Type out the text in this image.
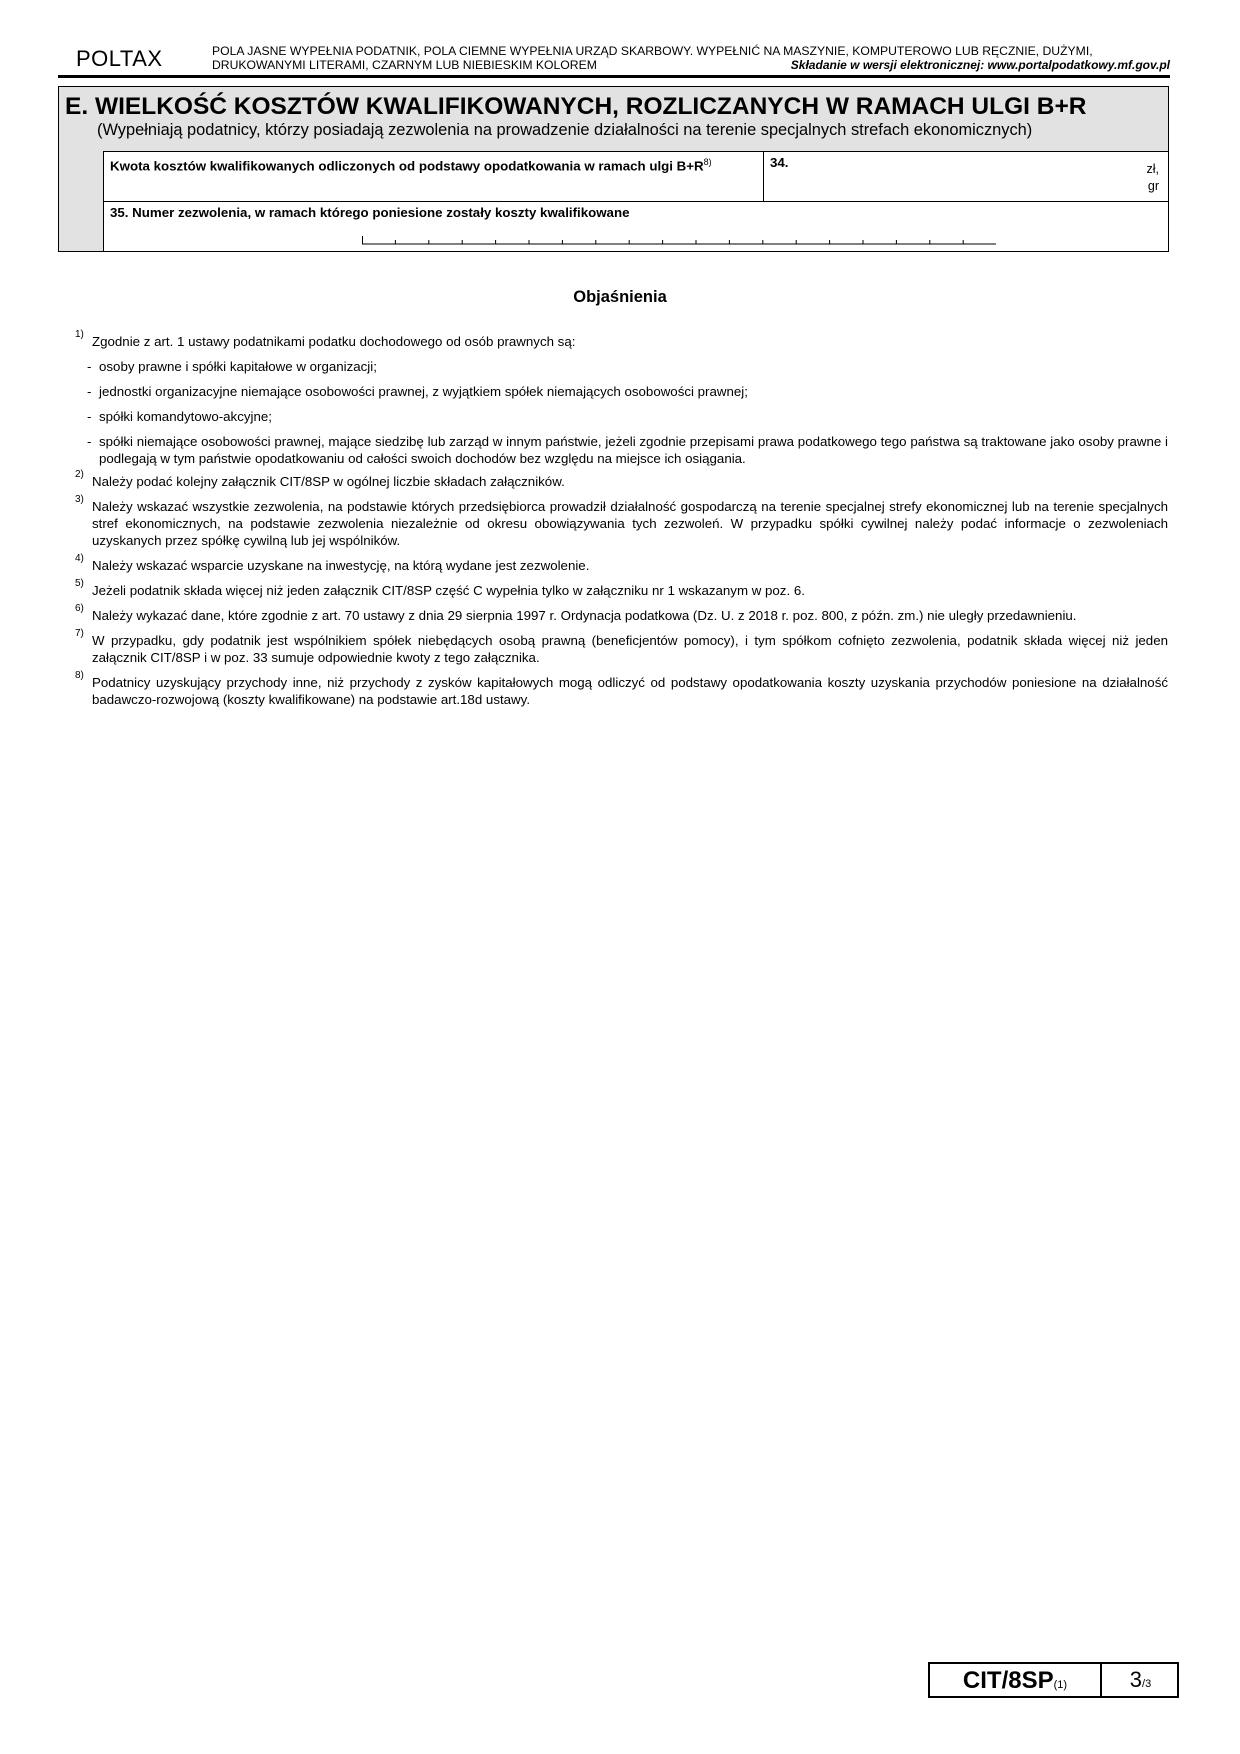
POLTAX	POLA JASNE WYPEŁNIA PODATNIK, POLA CIEMNE WYPEŁNIA URZĄD SKARBOWY. WYPEŁNIĆ NA MASZYNIE, KOMPUTEROWO LUB RĘCZNIE, DUŻYMI,
DRUKOWANYMI LITERAMI, CZARNYM LUB NIEBIESKIM KOLOREM	Składanie w wersji elektronicznej: www.portalpodatkowy.mf.gov.pl
E. WIELKOŚĆ KOSZTÓW KWALIFIKOWANYCH, ROZLICZANYCH W RAMACH ULGI B+R
(Wypełniają podatnicy, którzy posiadają zezwolenia na prowadzenie działalności na terenie specjalnych strefach ekonomicznych)
Kwota kosztów kwalifikowanych odliczonych od podstawy opodatkowania w ramach ulgi $B+R^{8)}$	34.	zł,
gr
35. Numer zezwolenia, w ramach którego poniesione zostały koszty kwalifikowane
Objaśnienia
1) Zgodnie z art. 1 ustawy podatnikami podatku dochodowego od osób prawnych są:
- osoby prawne i spółki kapitałowe w organizacji;
- jednostki organizacyjne niemające osobowości prawnej, z wyjątkiem spółek niemających osobowości prawnej;
- spółki komandytowo-akcyjne;
- spółki niemające osobowości prawnej, mające siedzibę lub zarząd w innym państwie, jeżeli zgodnie przepisami prawa podatkowego tego państwa są traktowane jako osoby prawne i podlegają w tym państwie opodatkowaniu od całości swoich dochodów bez względu na miejsce ich osiągania.
2) Należy podać kolejny załącznik CIT/8SP w ogólnej liczbie składach załączników.
3) Należy wskazać wszystkie zezwolenia, na podstawie których przedsiębiorca prowadził działalność gospodarczą na terenie specjalnej strefy ekonomicznej lub na terenie specjalnych stref ekonomicznych, na podstawie zezwolenia niezależnie od okresu obowiązywania tych zezwoleń. W przypadku spółki cywilnej należy podać informacje o zezwoleniach uzyskanych przez spółkę cywilną lub jej wspólników.
4) Należy wskazać wsparcie uzyskane na inwestycję, na którą wydane jest zezwolenie.
5) Jeżeli podatnik składa więcej niż jeden załącznik CIT/8SP część C wypełnia tylko w załączniku nr 1 wskazanym w poz. 6.
6) Należy wykazać dane, które zgodnie z art. 70 ustawy z dnia 29 sierpnia 1997 r. Ordynacja podatkowa (Dz. U. z 2018 r. poz. 800, z późn. zm.) nie uległy przedawnieniu.
7) W przypadku, gdy podatnik jest wspólnikiem spółek niebędących osobą prawną (beneficjentów pomocy), i tym spółkom cofnięto zezwolenia, podatnik składa więcej niż jeden załącznik CIT/8SP i w poz. 33 sumuje odpowiednie kwoty z tego załącznika.
8) Podatnicy uzyskujący przychody inne, niż przychody z zysków kapitałowych mogą odliczyć od podstawy opodatkowania koszty uzyskania przychodów poniesione na działalność badawczo-rozwojową (koszty kwalifikowane) na podstawie art.18d ustawy.
CIT/8SP(1)	3/3
